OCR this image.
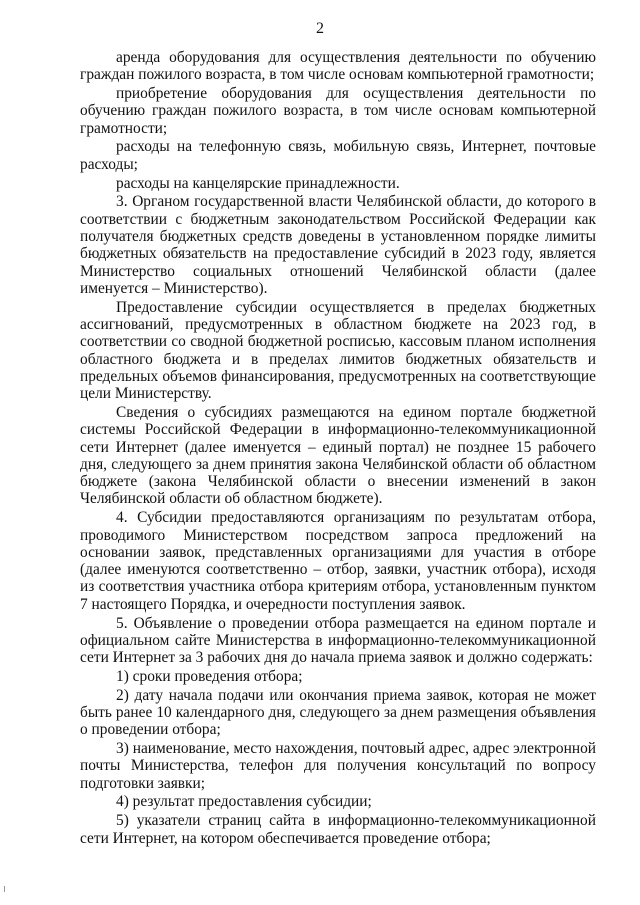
2

аренда оборудования для осуществления деятельности по обучению граждан пожилого возраста, в том числе основам компьютерной грамотности;

приобретение оборудования для осуществления деятельности по обучению граждан пожилого возраста, в том числе основам компьютерной грамотности;

расходы на телефонную связь, мобильную связь, Интернет, почтовые расходы;

расходы на канцелярские принадлежности.

3. Органом государственной власти Челябинской области, до которого в соответствии с бюджетным законодательством Российской Федерации как получателя бюджетных средств доведены в установленном порядке лимиты бюджетных обязательств на предоставление субсидий в 2023 году, является Министерство социальных отношений Челябинской области (далее именуется – Министерство).

Предоставление субсидии осуществляется в пределах бюджетных ассигнований, предусмотренных в областном бюджете на 2023 год, в соответствии со сводной бюджетной росписью, кассовым планом исполнения областного бюджета и в пределах лимитов бюджетных обязательств и предельных объемов финансирования, предусмотренных на соответствующие цели Министерству.

Сведения о субсидиях размещаются на едином портале бюджетной системы Российской Федерации в информационно-телекоммуникационной сети Интернет (далее именуется – единый портал) не позднее 15 рабочего дня, следующего за днем принятия закона Челябинской области об областном бюджете (закона Челябинской области о внесении изменений в закон Челябинской области об областном бюджете).

4. Субсидии предоставляются организациям по результатам отбора, проводимого Министерством посредством запроса предложений на основании заявок, представленных организациями для участия в отборе (далее именуются соответственно – отбор, заявки, участник отбора), исходя из соответствия участника отбора критериям отбора, установленным пунктом 7 настоящего Порядка, и очередности поступления заявок.

5. Объявление о проведении отбора размещается на едином портале и официальном сайте Министерства в информационно-телекоммуникационной сети Интернет за 3 рабочих дня до начала приема заявок и должно содержать:

1) сроки проведения отбора;

2) дату начала подачи или окончания приема заявок, которая не может быть ранее 10 календарного дня, следующего за днем размещения объявления о проведении отбора;

3) наименование, место нахождения, почтовый адрес, адрес электронной почты Министерства, телефон для получения консультаций по вопросу подготовки заявки;

4) результат предоставления субсидии;

5) указатели страниц сайта в информационно-телекоммуникационной сети Интернет, на котором обеспечивается проведение отбора;
